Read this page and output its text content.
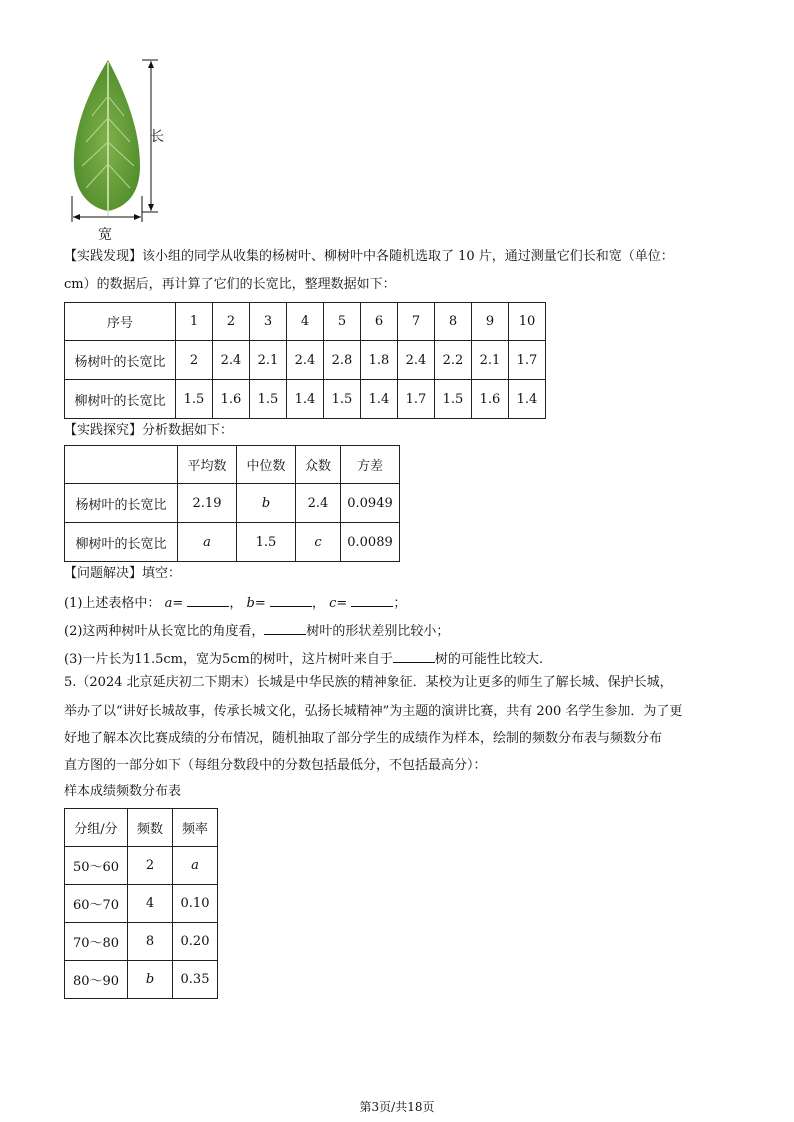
长
宽
【实践发现】该小组的同学从收集的杨树叶、柳树叶中各随机选取了 10 片，通过测量它们长和宽（单位：
cm）的数据后，再计算了它们的长宽比，整理数据如下：
序号	1	2	3	4	5	6	7	8	9	10
杨树叶的长宽比	2	2.4	2.1	2.4	2.8	1.8	2.4	2.2	2.1	1.7
柳树叶的长宽比	1.5	1.6	1.5	1.4	1.5	1.4	1.7	1.5	1.6	1.4
【实践探究】分析数据如下：
	平均数	中位数	众数	方差
杨树叶的长宽比	2.19	b	2.4	0.0949
柳树叶的长宽比	a	1.5	c	0.0089
【问题解决】填空：
(1)上述表格中： a=	， b=	， c=	；
(2)这两种树叶从长宽比的角度看，	树叶的形状差别比较小；
(3)一片长为11.5cm，宽为5cm的树叶，这片树叶来自于	树的可能性比较大.
5.（2024 北京延庆初二下期末）长城是中华民族的精神象征．某校为让更多的师生了解长城、保护长城，
举办了以“讲好长城故事，传承长城文化，弘扬长城精神”为主题的演讲比赛，共有 200 名学生参加．为了更
好地了解本次比赛成绩的分布情况，随机抽取了部分学生的成绩作为样本，绘制的频数分布表与频数分布
直方图的一部分如下（每组分数段中的分数包括最低分，不包括最高分）：
样本成绩频数分布表
分组/分	频数	频率
50～60	2	a
60～70	4	0.10
70～80	8	0.20
80～90	b	0.35
第3页/共18页
